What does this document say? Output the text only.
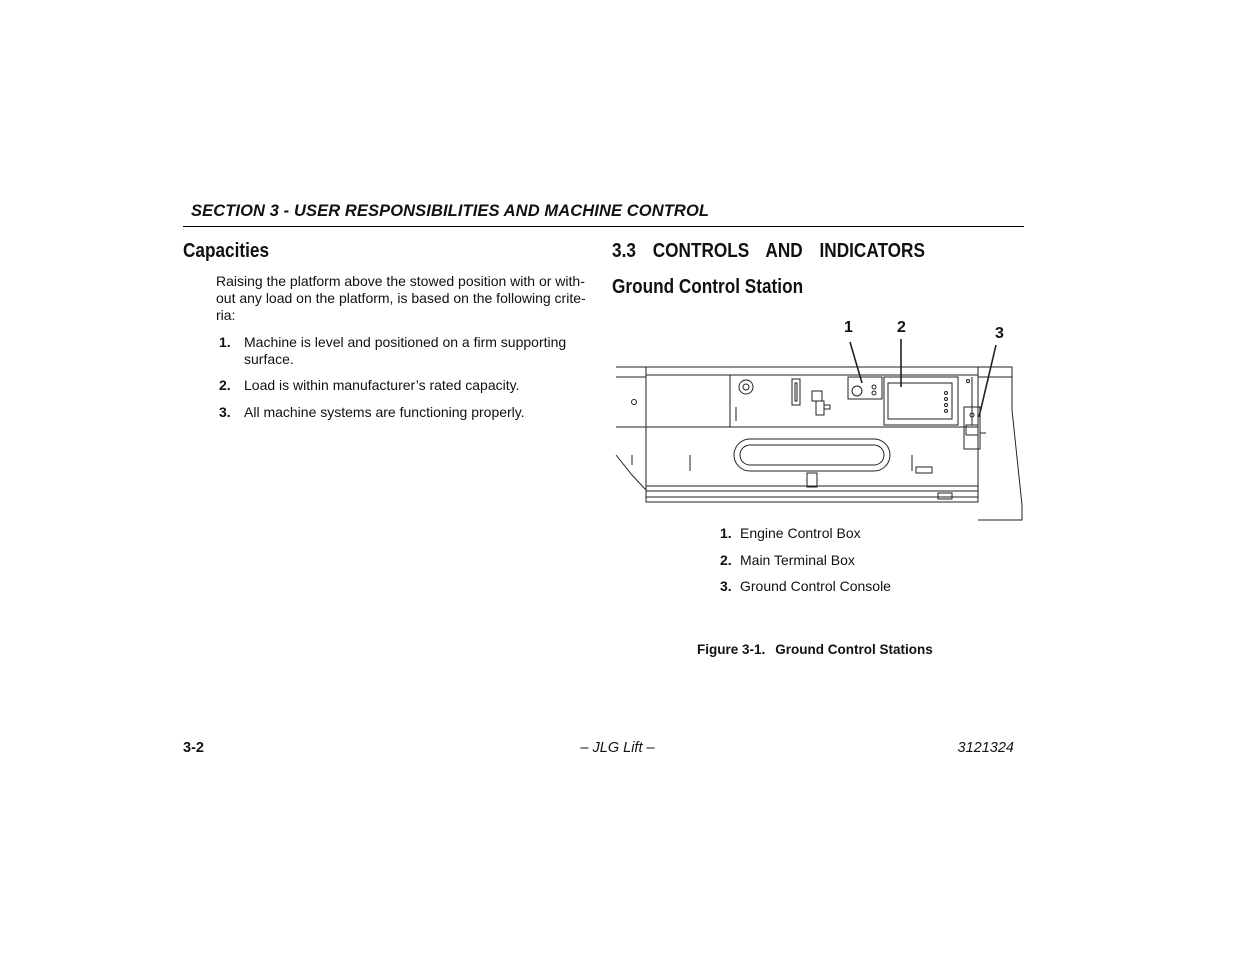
SECTION 3 - USER RESPONSIBILITIES AND MACHINE CONTROL
Capacities
Raising the platform above the stowed position with or with-
out any load on the platform, is based on the following crite-
ria:
1. Machine is level and positioned on a firm supporting
surface.
2. Load is within manufacturer’s rated capacity.
3. All machine systems are functioning properly.
3.3 CONTROLS AND INDICATORS
Ground Control Station
1	2	3
1. Engine Control Box
2. Main Terminal Box
3. Ground Control Console
Figure 3-1. Ground Control Stations
3-2	– JLG Lift –	3121324
